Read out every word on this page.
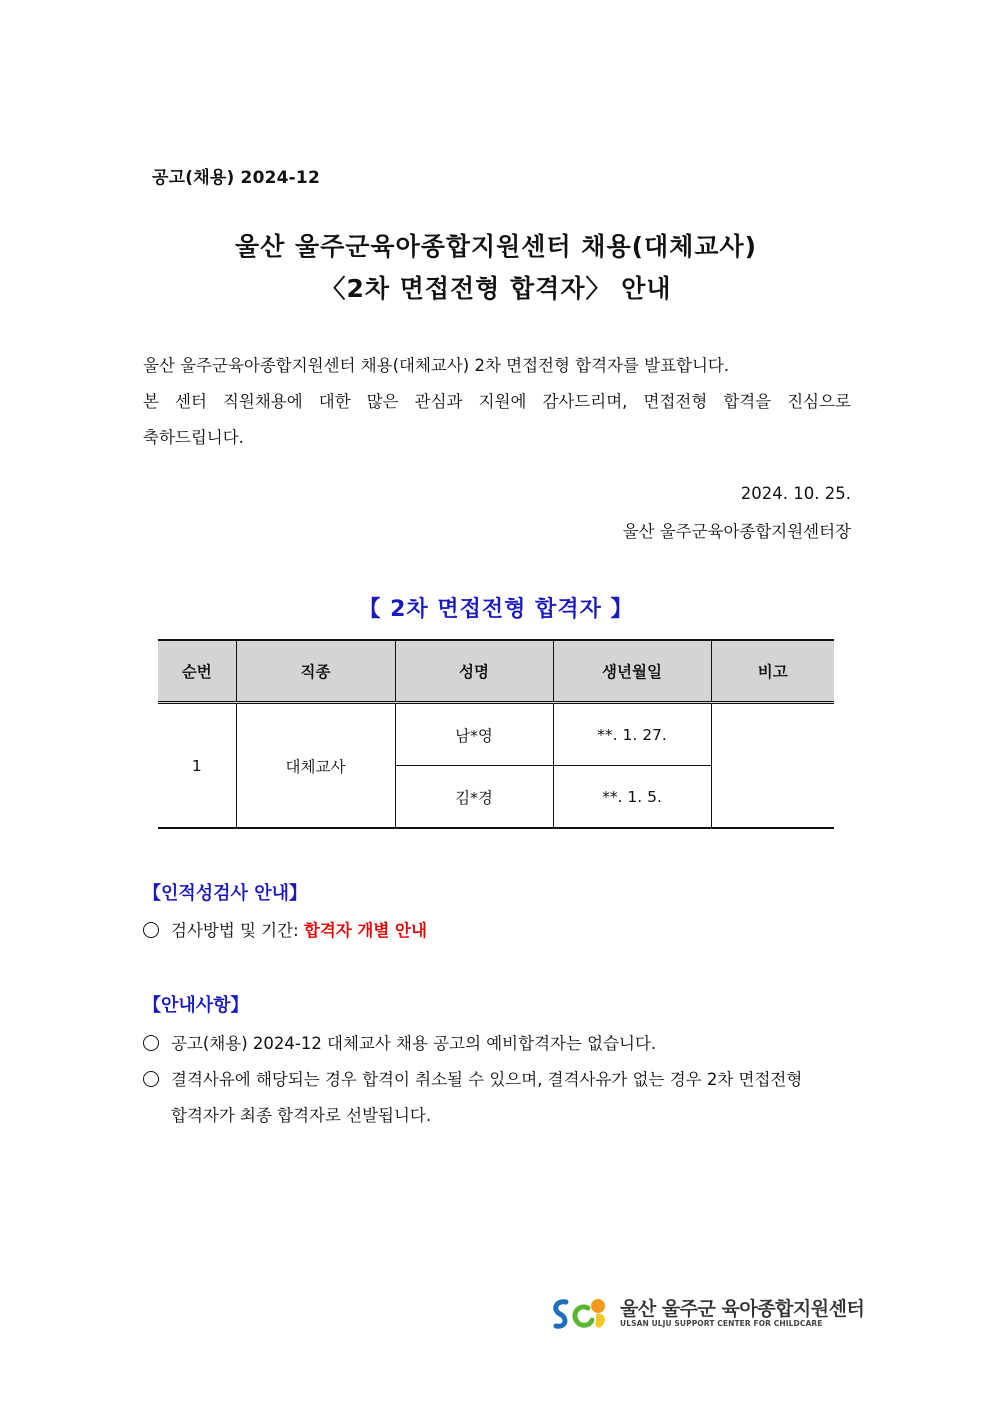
공고(채용) 2024-12
울산 울주군육아종합지원센터 채용(대체교사)
〈2차 면접전형 합격자〉 안내

울산 울주군육아종합지원센터 채용(대체교사) 2차 면접전형 합격자를 발표합니다.

본 센터 직원채용에 대한 많은 관심과 지원에 감사드리며, 면접전형 합격을 진심으로

축하드립니다.

2024. 10. 25.
울산 울주군육아종합지원센터장
【 2차 면접전형 합격자 】
순번	직종	성명	생년월일	비고
1	대체교사	남*영	**. 1. 27.	
		김*경	**. 1. 5.	
【인적성검사 안내】
검사방법 및 기간: 합격자 개별 안내
【안내사항】
공고(채용) 2024-12 대체교사 채용 공고의 예비합격자는 없습니다.
결격사유에 해당되는 경우 합격이 취소될 수 있으며, 결격사유가 없는 경우 2차 면접전형
합격자가 최종 합격자로 선발됩니다.
울산 울주군 육아종합지원센터
ULSAN ULJU SUPPORT CENTER FOR CHILDCARE
